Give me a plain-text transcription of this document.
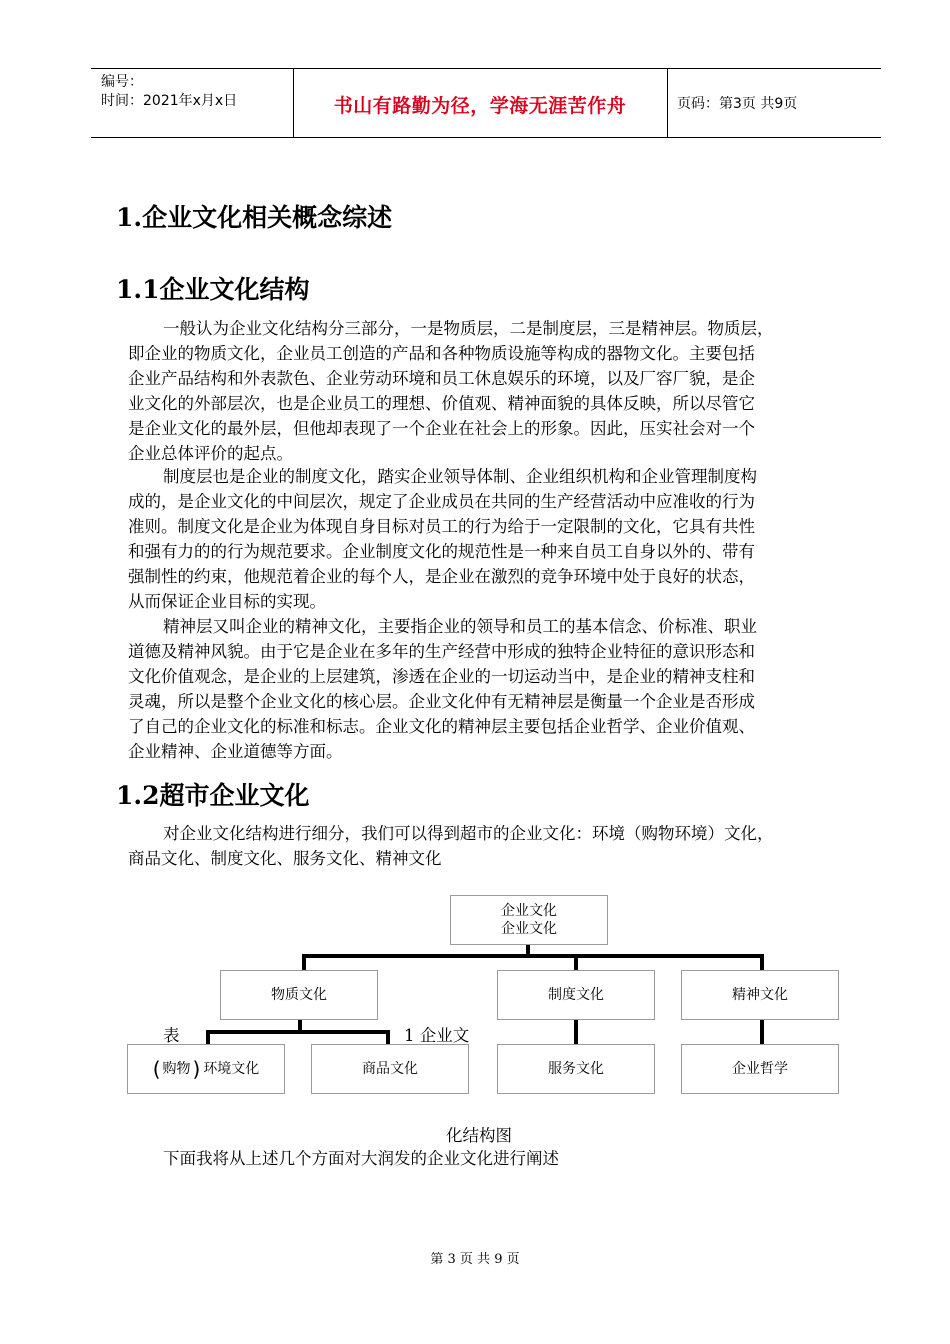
编号：
时间：2021年x月x日	书山有路勤为径，学海无涯苦作舟	页码：第3页 共9页
1.企业文化相关概念综述
1.1企业文化结构
一般认为企业文化结构分三部分，一是物质层，二是制度层，三是精神层。物质层，
即企业的物质文化，企业员工创造的产品和各种物质设施等构成的器物文化。主要包括
企业产品结构和外表款色、企业劳动环境和员工休息娱乐的环境，以及厂容厂貌，是企
业文化的外部层次，也是企业员工的理想、价值观、精神面貌的具体反映，所以尽管它
是企业文化的最外层，但他却表现了一个企业在社会上的形象。因此，压实社会对一个
企业总体评价的起点。
制度层也是企业的制度文化，踏实企业领导体制、企业组织机构和企业管理制度构
成的，是企业文化的中间层次，规定了企业成员在共同的生产经营活动中应准收的行为
准则。制度文化是企业为体现自身目标对员工的行为给于一定限制的文化，它具有共性
和强有力的的行为规范要求。企业制度文化的规范性是一种来自员工自身以外的、带有
强制性的约束，他规范着企业的每个人，是企业在激烈的竞争环境中处于良好的状态，
从而保证企业目标的实现。
精神层又叫企业的精神文化，主要指企业的领导和员工的基本信念、价标准、职业
道德及精神风貌。由于它是企业在多年的生产经营中形成的独特企业特征的意识形态和
文化价值观念，是企业的上层建筑，渗透在企业的一切运动当中，是企业的精神支柱和
灵魂，所以是整个企业文化的核心层。企业文化仲有无精神层是衡量一个企业是否形成
了自己的企业文化的标准和标志。企业文化的精神层主要包括企业哲学、企业价值观、
企业精神、企业道德等方面。
1.2超市企业文化
对企业文化结构进行细分，我们可以得到超市的企业文化：环境（购物环境）文化，
商品文化、制度文化、服务文化、精神文化
企业文化
企业文化
物质文化	制度文化	精神文化
( 购物 ) 环境文化	商品文化	服务文化	企业哲学
表	1 企业文
化结构图
下面我将从上述几个方面对大润发的企业文化进行阐述
第 3 页 共 9 页
